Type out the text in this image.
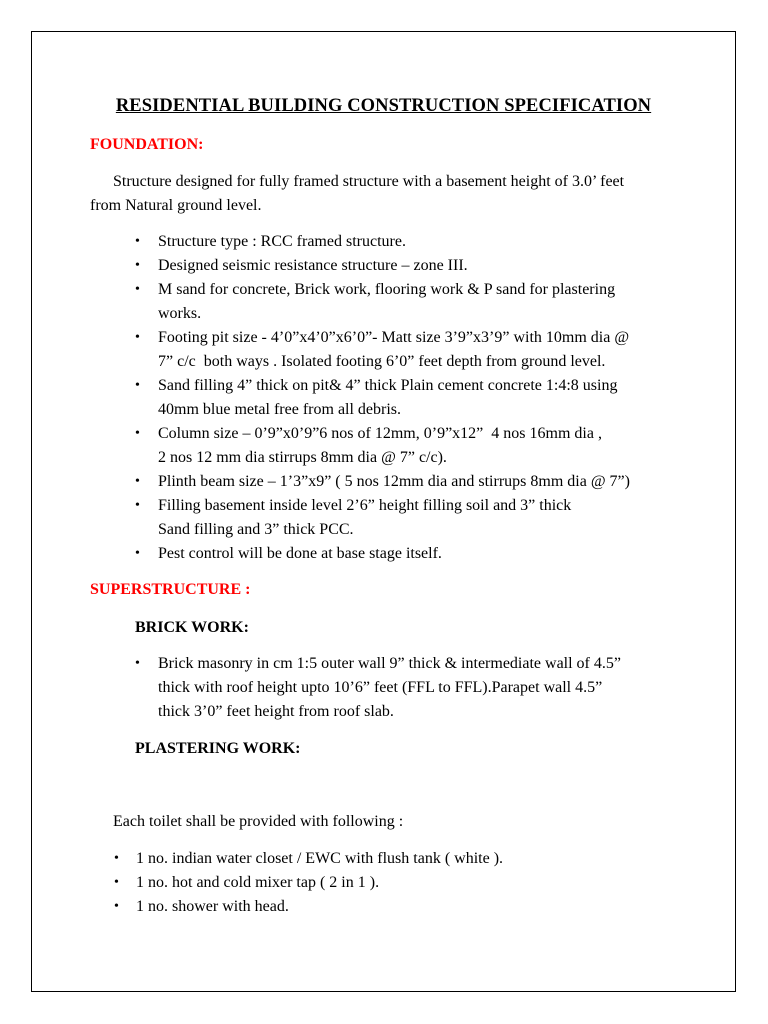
RESIDENTIAL BUILDING CONSTRUCTION SPECIFICATION
FOUNDATION:
Structure designed for fully framed structure with a basement height of 3.0’ feet
from Natural ground level.
• Structure type : RCC framed structure.
• Designed seismic resistance structure – zone III.
• M sand for concrete, Brick work, flooring work & P sand for plastering
works.
• Footing pit size - 4’0”x4’0”x6’0”- Matt size 3’9”x3’9” with 10mm dia @
7” c/c  both ways . Isolated footing 6’0” feet depth from ground level.
• Sand filling 4” thick on pit& 4” thick Plain cement concrete 1:4:8 using
40mm blue metal free from all debris.
• Column size – 0’9”x0’9”6 nos of 12mm, 0’9”x12”  4 nos 16mm dia ,
2 nos 12 mm dia stirrups 8mm dia @ 7” c/c).
• Plinth beam size – 1’3”x9” ( 5 nos 12mm dia and stirrups 8mm dia @ 7”)
• Filling basement inside level 2’6” height filling soil and 3” thick
Sand filling and 3” thick PCC.
• Pest control will be done at base stage itself.
SUPERSTRUCTURE :
BRICK WORK:
• Brick masonry in cm 1:5 outer wall 9” thick & intermediate wall of 4.5”
thick with roof height upto 10’6” feet (FFL to FFL).Parapet wall 4.5”
thick 3’0” feet height from roof slab.
PLASTERING WORK:
Each toilet shall be provided with following :
• 1 no. indian water closet / EWC with flush tank ( white ).
• 1 no. hot and cold mixer tap ( 2 in 1 ).
• 1 no. shower with head.
